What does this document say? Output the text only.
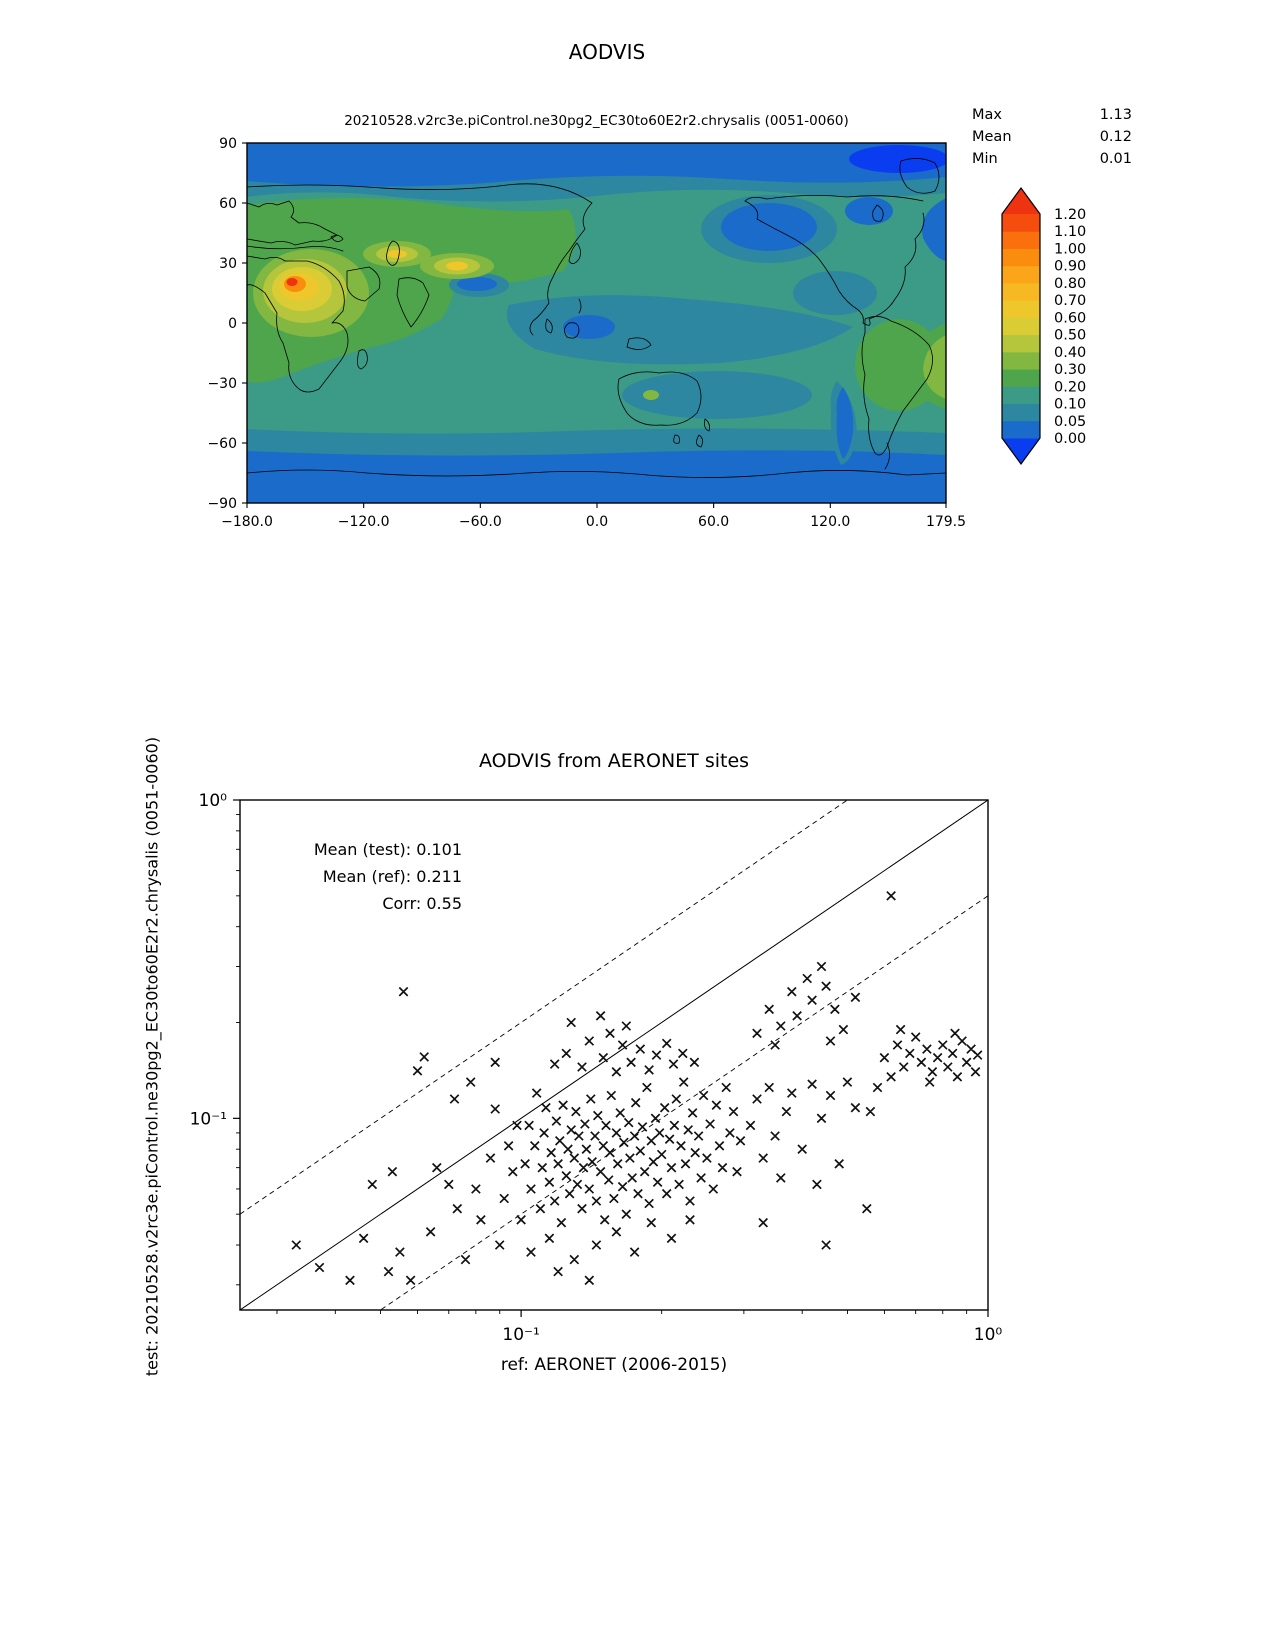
−180.0	−120.0	−60.0	0.0	60.0	120.0	179.5
90
60
30
0
−30
−60
−90
1.20
1.10
1.00
0.90
0.80
0.70
0.60
0.50
0.40
0.30
0.20
0.10
0.05
0.00
10⁻¹	10⁰
10⁰
10⁻¹
AODVIS
20210528.v2rc3e.piControl.ne30pg2_EC30to60E2r2.chrysalis (0051-0060)	Max	1.13
Mean	0.12
Min	0.01
AODVIS from AERONET sites
Mean (test): 0.101
Mean (ref): 0.211
Corr: 0.55
ref: AERONET (2006-2015)
test: 20210528.v2rc3e.piControl.ne30pg2_EC30to60E2r2.chrysalis (0051-0060)
